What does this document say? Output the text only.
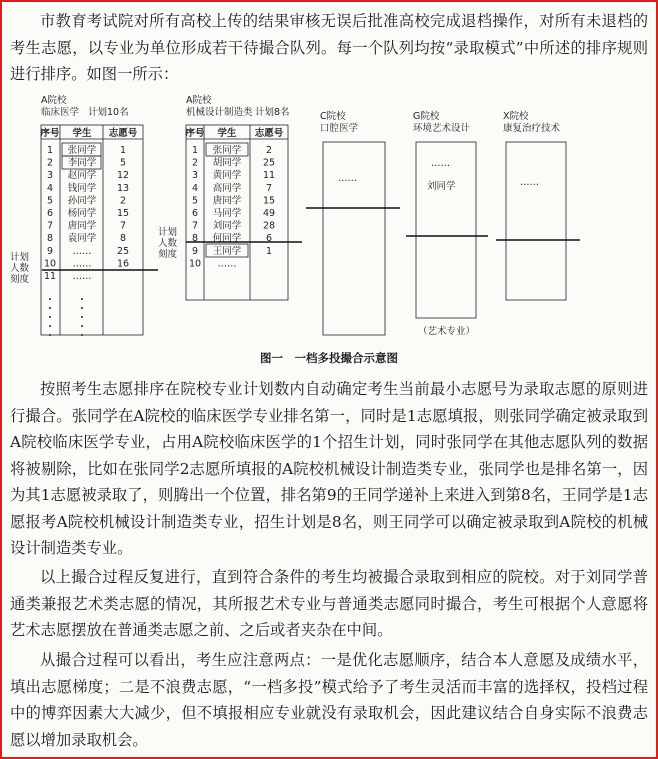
市教育考试院对所有高校上传的结果审核无误后批准高校完成退档操作，对所有未退档的考生志愿，以专业为单位形成若干待撮合队列。每一个队列均按“录取模式”中所述的排序规则进行排序。如图一所示：

A院校
临床医学 计划10名
A院校
机械设计制造类 计划8名	C院校
口腔医学
G院校
环境艺术设计
X院校
康复治疗技术
……
……
刘同学	……
（艺术专业）
计划
人数
刻度
计划
人数
刻度
序号 学生 志愿号
1 张同学 1
2 李同学 5
3 赵同学 12
4 钱同学 13
5 孙同学 2
6 杨同学 15
7 唐同学 7
8 袁同学 8
9 ……	25
10 ……	16
11 ……
序号 学生 志愿号
1 张同学	2
2 胡同学 25
3 黄同学 11
4 高同学	7
5 唐同学 15
6 马同学 49
7 刘同学 28
8 何同学	6
9 王同学	1
10 ……
图一　一档多投撮合示意图

按照考生志愿排序在院校专业计划数内自动确定考生当前最小志愿号为录取志愿的原则进行撮合。张同学在A院校的临床医学专业排名第一，同时是1志愿填报，则张同学确定被录取到A院校临床医学专业，占用A院校临床医学的1个招生计划，同时张同学在其他志愿队列的数据将被剔除，比如在张同学2志愿所填报的A院校机械设计制造类专业，张同学也是排名第一，因为其1志愿被录取了，则腾出一个位置，排名第9的王同学递补上来进入到第8名，王同学是1志愿报考A院校机械设计制造类专业，招生计划是8名，则王同学可以确定被录取到A院校的机械设计制造类专业。

以上撮合过程反复进行，直到符合条件的考生均被撮合录取到相应的院校。对于刘同学普通类兼报艺术类志愿的情况，其所报艺术专业与普通类志愿同时撮合，考生可根据个人意愿将艺术志愿摆放在普通类志愿之前、之后或者夹杂在中间。

从撮合过程可以看出，考生应注意两点：一是优化志愿顺序，结合本人意愿及成绩水平，填出志愿梯度；二是不浪费志愿，“一档多投”模式给予了考生灵活而丰富的选择权，投档过程中的博弈因素大大减少，但不填报相应专业就没有录取机会，因此建议结合自身实际不浪费志愿以增加录取机会。
